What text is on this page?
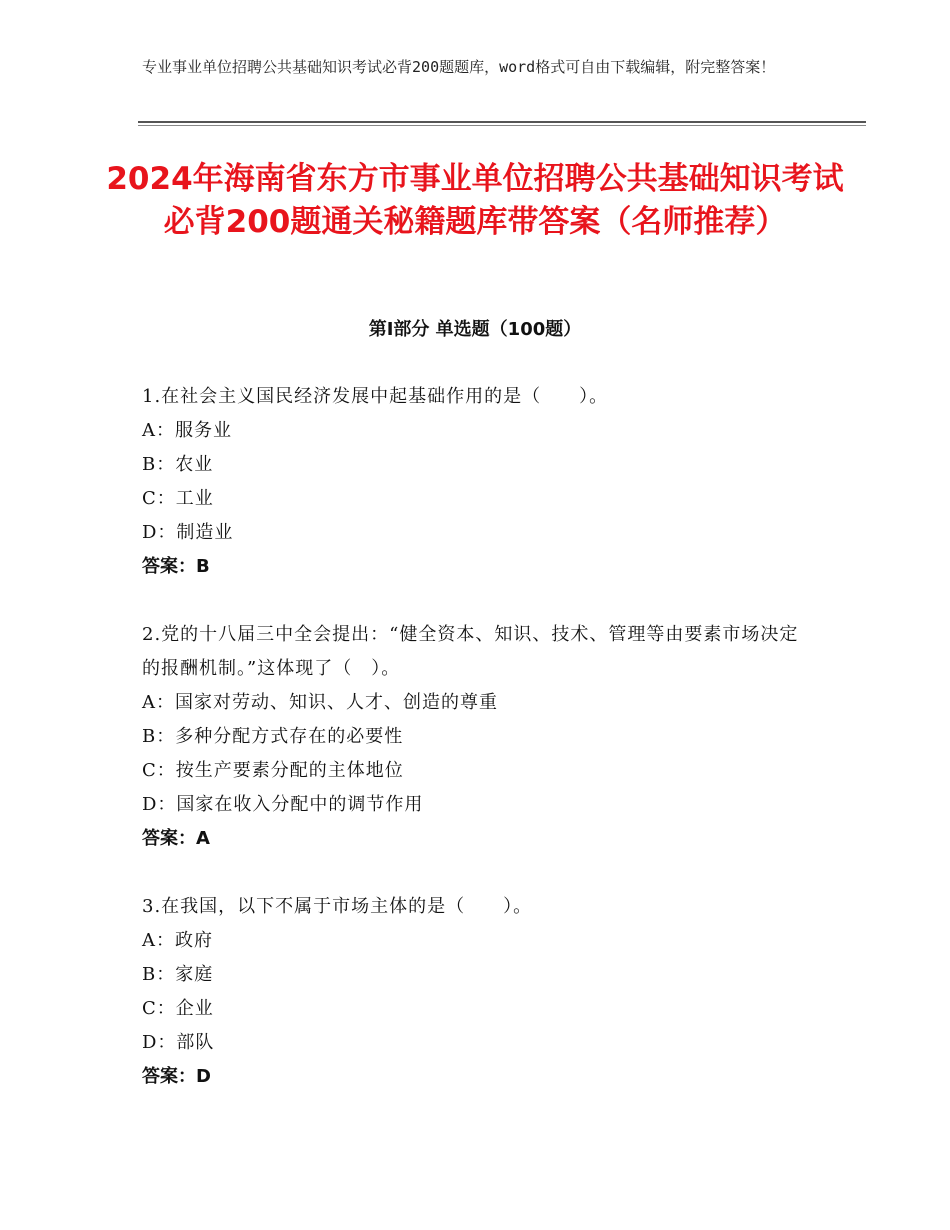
专业事业单位招聘公共基础知识考试必背200题题库，word格式可自由下载编辑，附完整答案！
2024年海南省东方市事业单位招聘公共基础知识考试必背200题通关秘籍题库带答案（名师推荐）
第Ⅰ部分 单选题（100题）
1.在社会主义国民经济发展中起基础作用的是（　　）。
A：服务业
B：农业
C：工业
D：制造业
答案：B
2.党的十八届三中全会提出：“健全资本、知识、技术、管理等由要素市场决定的报酬机制。”这体现了（　）。
A：国家对劳动、知识、人才、创造的尊重
B：多种分配方式存在的必要性
C：按生产要素分配的主体地位
D：国家在收入分配中的调节作用
答案：A
3.在我国，以下不属于市场主体的是（　　）。
A：政府
B：家庭
C：企业
D：部队
答案：D
